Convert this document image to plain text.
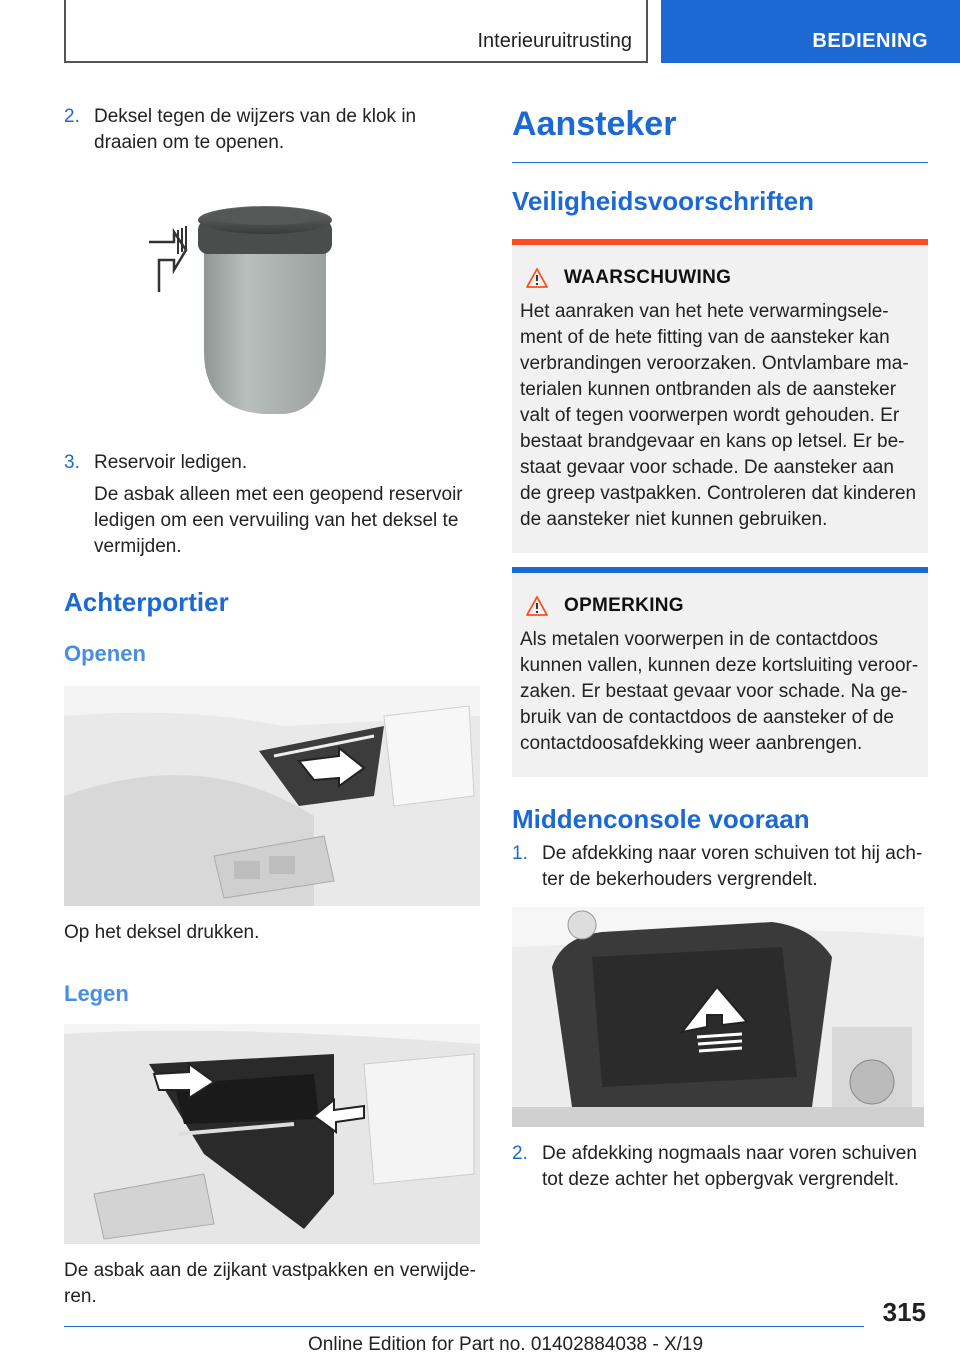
Interieuruitrusting	BEDIENING
2. Deksel tegen de wijzers van de klok in draaien om te openen.

3. Reservoir ledigen.

De asbak alleen met een geopend reservoir ledigen om een vervuiling van het deksel te vermijden.

Achterportier
Openen

Op het deksel drukken.

Legen

De asbak aan de zijkant vastpakken en verwijderen.

Aansteker
Veiligheidsvoorschriften
WAARSCHUWING

Het aanraken van het hete verwarmingselement of de hete fitting van de aansteker kan verbrandingen veroorzaken. Ontvlambare materialen kunnen ontbranden als de aansteker valt of tegen voorwerpen wordt gehouden. Er bestaat brandgevaar en kans op letsel. Er bestaat gevaar voor schade. De aansteker aan de greep vastpakken. Controleren dat kinderen de aansteker niet kunnen gebruiken.

OPMERKING

Als metalen voorwerpen in de contactdoos kunnen vallen, kunnen deze kortsluiting veroorzaken. Er bestaat gevaar voor schade. Na gebruik van de contactdoos de aansteker of de contactdoosafdekking weer aanbrengen.

Middenconsole vooraan
1. De afdekking naar voren schuiven tot hij achter de bekerhouders vergrendelt.

2. De afdekking nogmaals naar voren schuiven tot deze achter het opbergvak vergrendelt.

315
Online Edition for Part no. 01402884038 - X/19
